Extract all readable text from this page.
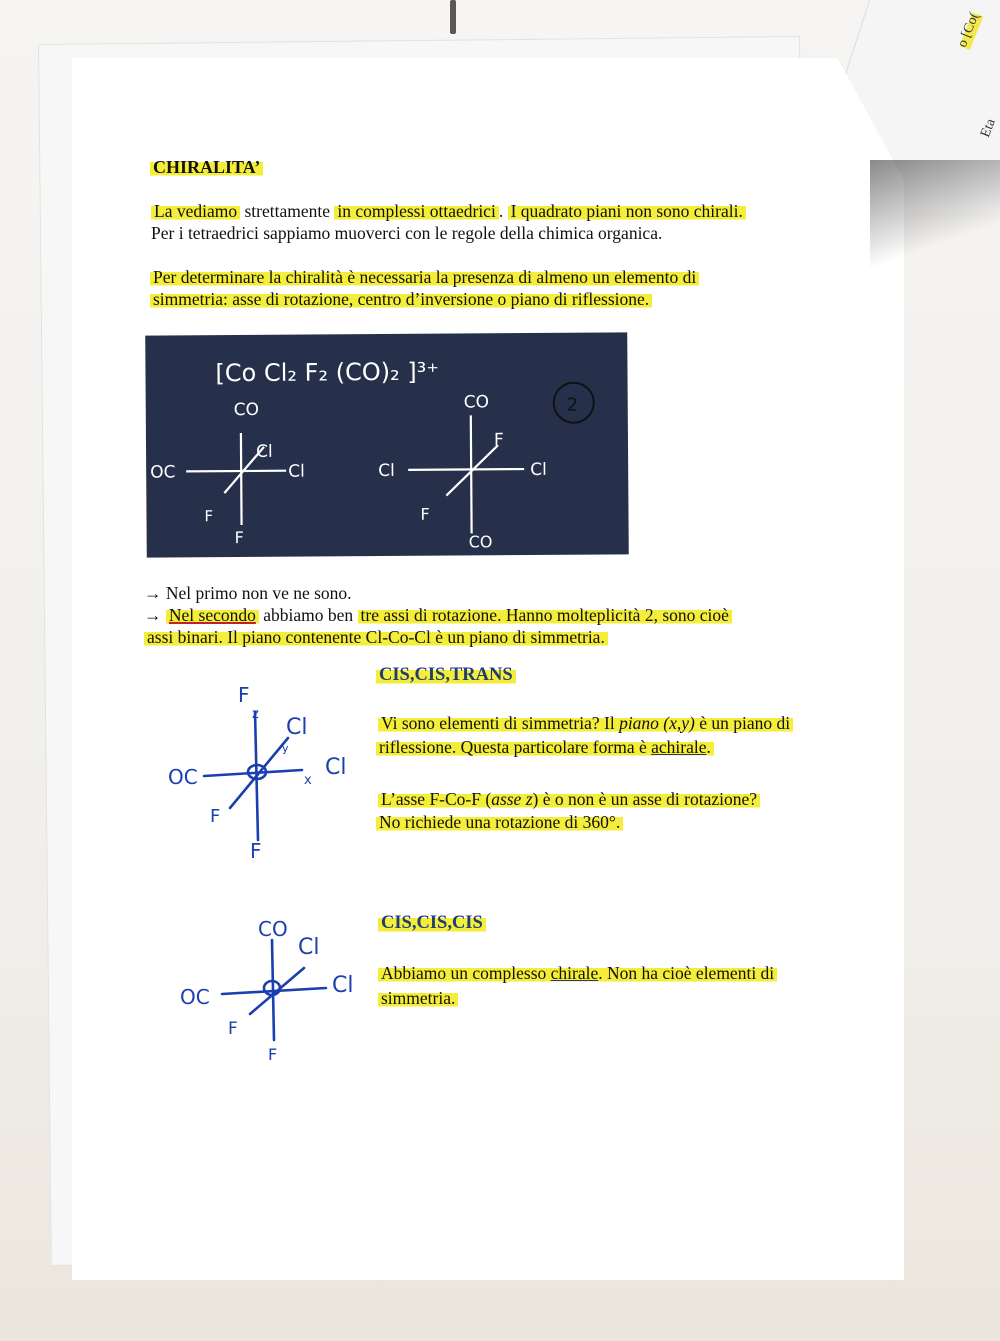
o [Co(
Eta
CHIRALITA’
La vediamo strettamente in complessi ottaedrici . I quadrato piani non sono chirali.
Per i tetraedrici sappiamo muoverci con le regole della chimica organica.
Per determinare la chiralità è necessaria la presenza di almeno un elemento di
simmetria: asse di rotazione, centro d’inversione o piano di riflessione.
[Co Cl₂ F₂ (CO)₂ ]³⁺
2
CO
OC
Cl
Cl
F
F
CO
Cl
F
Cl
F
CO
→ Nel primo non ve ne sono.
→ Nel secondo abbiamo ben tre assi di rotazione. Hanno molteplicità 2, sono cioè
assi binari. Il piano contenente Cl-Co-Cl è un piano di simmetria.
CIS,CIS,TRANS
Vi sono elementi di simmetria? Il piano (x,y) è un piano di
riflessione. Questa particolare forma è achirale.
L’asse F-Co-F (asse z) è o non è un asse di rotazione?
No richiede una rotazione di 360°.
F
z
Cl
y
Cl
x
OC
F
F
CIS,CIS,CIS
Abbiamo un complesso chirale. Non ha cioè elementi di
simmetria.
CO
Cl
Cl
OC
F
F
